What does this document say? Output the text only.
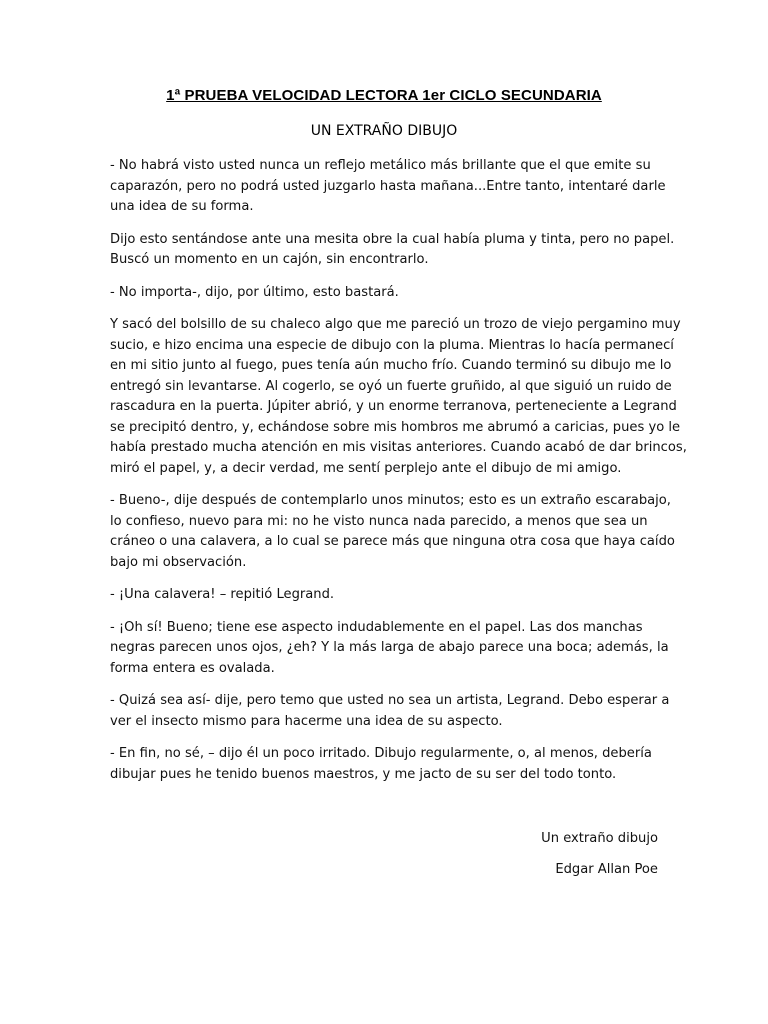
1ª PRUEBA VELOCIDAD LECTORA 1er CICLO SECUNDARIA
UN EXTRAÑO DIBUJO

- No habrá visto usted nunca un reflejo metálico más brillante que el que emite su
caparazón, pero no podrá usted juzgarlo hasta mañana...Entre tanto, intentaré darle
una idea de su forma.

Dijo esto sentándose ante una mesita obre la cual había pluma y tinta, pero no papel.
Buscó un momento en un cajón, sin encontrarlo.

- No importa-, dijo, por último, esto bastará.

Y sacó del bolsillo de su chaleco algo que me pareció un trozo de viejo pergamino muy
sucio, e hizo encima una especie de dibujo con la pluma. Mientras lo hacía permanecí
en mi sitio junto al fuego, pues tenía aún mucho frío. Cuando terminó su dibujo me lo
entregó sin levantarse. Al cogerlo, se oyó un fuerte gruñido, al que siguió un ruido de
rascadura en la puerta. Júpiter abrió, y un enorme terranova, perteneciente a Legrand
se precipitó dentro, y, echándose sobre mis hombros me abrumó a caricias, pues yo le
había prestado mucha atención en mis visitas anteriores. Cuando acabó de dar brincos,
miró el papel, y, a decir verdad, me sentí perplejo ante el dibujo de mi amigo.

- Bueno-, dije después de contemplarlo unos minutos; esto es un extraño escarabajo,
lo confieso, nuevo para mi: no he visto nunca nada parecido, a menos que sea un
cráneo o una calavera, a lo cual se parece más que ninguna otra cosa que haya caído
bajo mi observación.

- ¡Una calavera! – repitió Legrand.

- ¡Oh sí! Bueno; tiene ese aspecto indudablemente en el papel. Las dos manchas
negras parecen unos ojos, ¿eh? Y la más larga de abajo parece una boca; además, la
forma entera es ovalada.

- Quizá sea así- dije, pero temo que usted no sea un artista, Legrand. Debo esperar a
ver el insecto mismo para hacerme una idea de su aspecto.

- En fin, no sé, – dijo él un poco irritado. Dibujo regularmente, o, al menos, debería
dibujar pues he tenido buenos maestros, y me jacto de su ser del todo tonto.

Un extraño dibujo
Edgar Allan Poe
